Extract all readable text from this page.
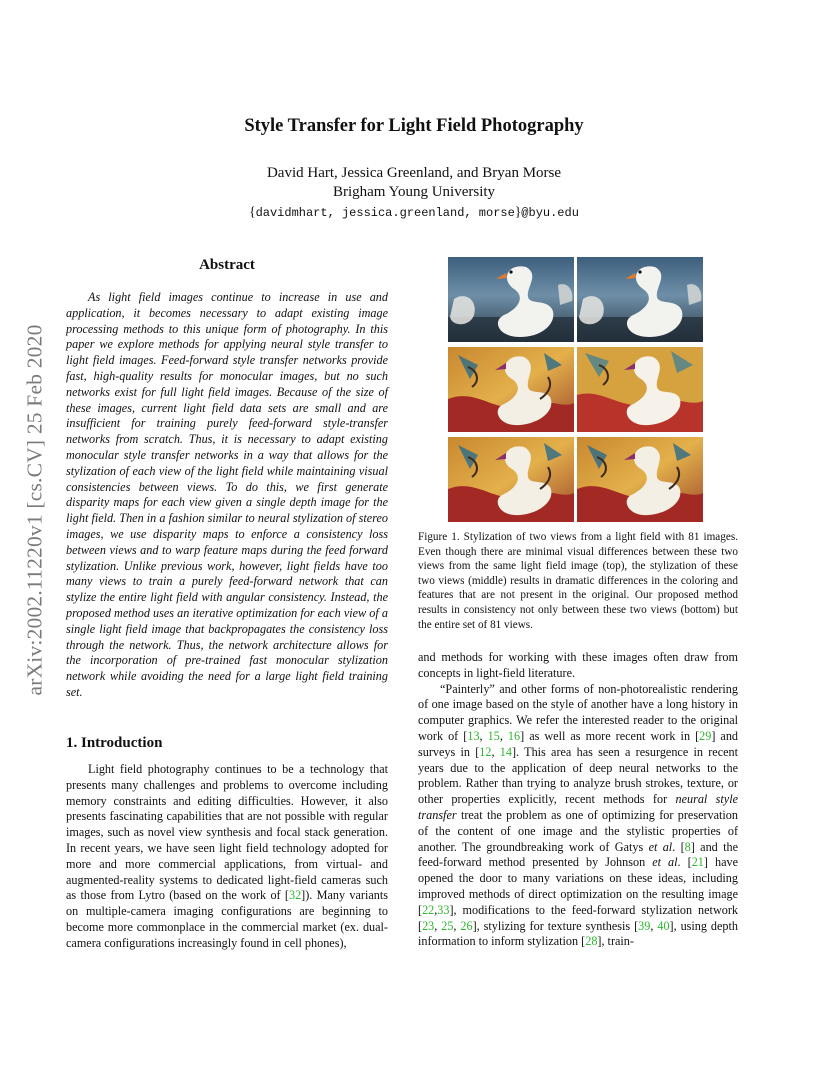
arXiv:2002.11220v1 [cs.CV] 25 Feb 2020
Style Transfer for Light Field Photography
David Hart, Jessica Greenland, and Bryan Morse
Brigham Young University
{davidmhart, jessica.greenland, morse}@byu.edu
Abstract
As light field images continue to increase in use and application, it becomes necessary to adapt existing image processing methods to this unique form of photography. In this paper we explore methods for applying neural style transfer to light field images. Feed-forward style transfer networks provide fast, high-quality results for monocular images, but no such networks exist for full light field images. Because of the size of these images, current light field data sets are small and are insufficient for training purely feed-forward style-transfer networks from scratch. Thus, it is necessary to adapt existing monocular style transfer networks in a way that allows for the stylization of each view of the light field while maintaining visual consistencies between views. To do this, we first generate disparity maps for each view given a single depth image for the light field. Then in a fashion similar to neural stylization of stereo images, we use disparity maps to enforce a consistency loss between views and to warp feature maps during the feed forward stylization. Unlike previous work, however, light fields have too many views to train a purely feed-forward network that can stylize the entire light field with angular consistency. Instead, the proposed method uses an iterative optimization for each view of a single light field image that backpropagates the consistency loss through the network. Thus, the network architecture allows for the incorporation of pre-trained fast monocular stylization network while avoiding the need for a large light field training set.
1. Introduction
Light field photography continues to be a technology that presents many challenges and problems to overcome including memory constraints and editing difficulties. However, it also presents fascinating capabilities that are not possible with regular images, such as novel view synthesis and focal stack generation. In recent years, we have seen light field technology adopted for more and more commercial applications, from virtual- and augmented-reality systems to dedicated light-field cameras such as those from Lytro (based on the work of [32]). Many variants on multiple-camera imaging configurations are beginning to become more commonplace in the commercial market (ex. dual-camera configurations increasingly found in cell phones),
Figure 1. Stylization of two views from a light field with 81 images. Even though there are minimal visual differences between these two views from the same light field image (top), the stylization of these two views (middle) results in dramatic differences in the coloring and features that are not present in the original. Our proposed method results in consistency not only between these two views (bottom) but the entire set of 81 views.

and methods for working with these images often draw from concepts in light-field literature.

“Painterly” and other forms of non-photorealistic rendering of one image based on the style of another have a long history in computer graphics. We refer the interested reader to the original work of [13, 15, 16] as well as more recent work in [29] and surveys in [12, 14]. This area has seen a resurgence in recent years due to the application of deep neural networks to the problem. Rather than trying to analyze brush strokes, texture, or other properties explicitly, recent methods for neural style transfer treat the problem as one of optimizing for preservation of the content of one image and the stylistic properties of another. The groundbreaking work of Gatys et al. [8] and the feed-forward method presented by Johnson et al. [21] have opened the door to many variations on these ideas, including improved methods of direct optimization on the resulting image [22,33], modifications to the feed-forward stylization network [23, 25, 26], stylizing for texture synthesis [39, 40], using depth information to inform stylization [28], train-
